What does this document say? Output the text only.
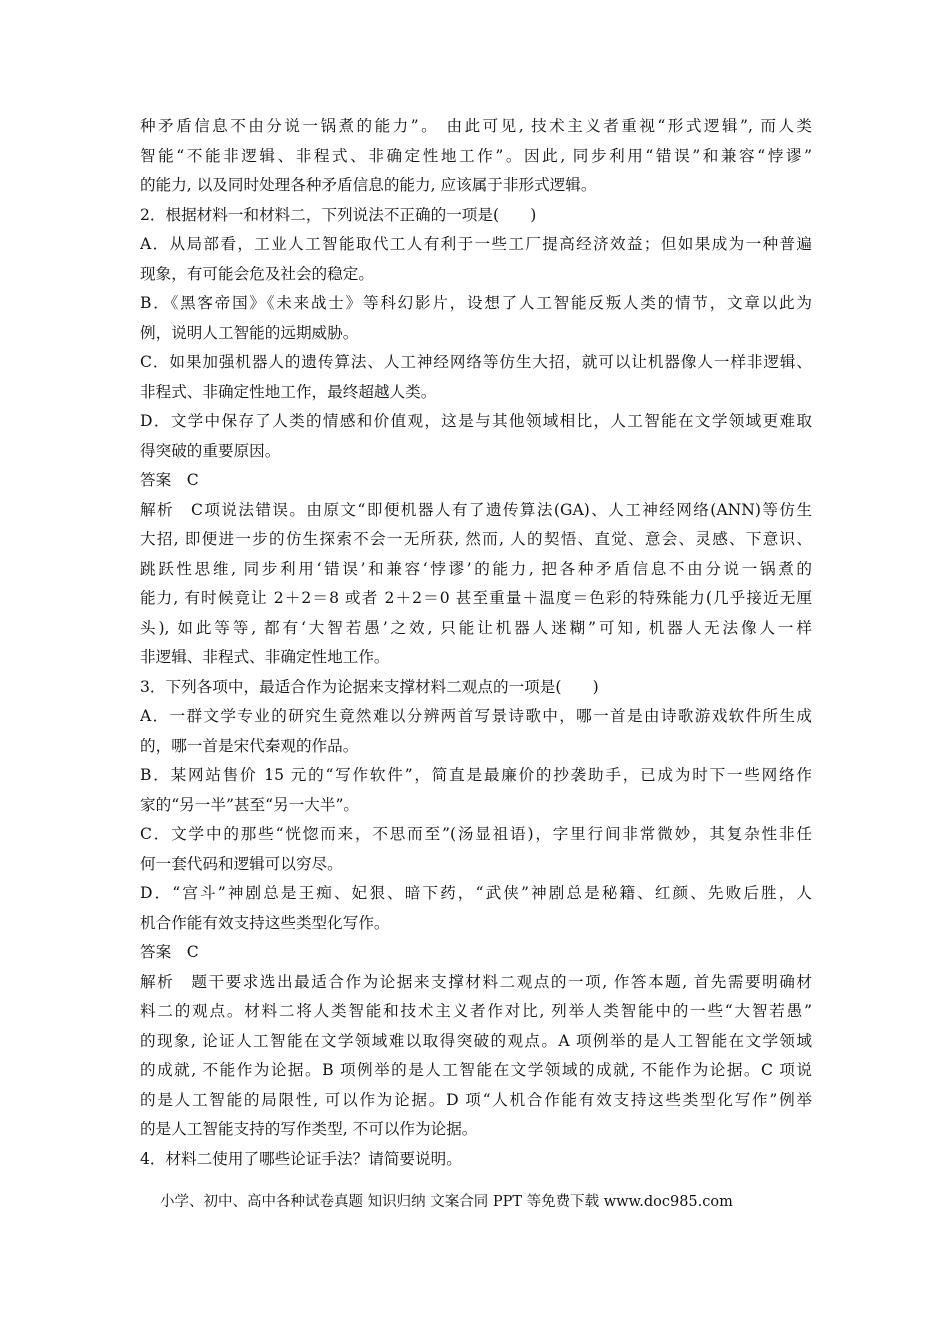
种矛盾信息不由分说一锅煮的能力”。 由此可见, 技术主义者重视“形式逻辑”, 而人类
智能“不能非逻辑、非程式、非确定性地工作”。因此, 同步利用“错误”和兼容“悖谬”
的能力, 以及同时处理各种矛盾信息的能力, 应该属于非形式逻辑。
2．根据材料一和材料二，下列说法不正确的一项是(　　)
A．从局部看，工业人工智能取代工人有利于一些工厂提高经济效益；但如果成为一种普遍
现象，有可能会危及社会的稳定。
B．《黑客帝国》《未来战士》等科幻影片，设想了人工智能反叛人类的情节，文章以此为
例，说明人工智能的远期威胁。
C．如果加强机器人的遗传算法、人工神经网络等仿生大招，就可以让机器像人一样非逻辑、
非程式、非确定性地工作，最终超越人类。
D．文学中保存了人类的情感和价值观，这是与其他领域相比，人工智能在文学领域更难取
得突破的重要原因。
答案　C
解析　C项说法错误。由原文“即便机器人有了遗传算法(GA)、人工神经网络(ANN)等仿生
大招, 即便进一步的仿生探索不会一无所获, 然而, 人的契悟、直觉、意会、灵感、下意识、
跳跃性思维, 同步利用‘错误’和兼容‘悖谬’的能力, 把各种矛盾信息不由分说一锅煮的
能力, 有时候竟让 2＋2＝8 或者 2＋2＝0 甚至重量＋温度＝色彩的特殊能力(几乎接近无厘
头), 如此等等, 都有‘大智若愚’之效, 只能让机器人迷糊”可知, 机器人无法像人一样
非逻辑、非程式、非确定性地工作。
3．下列各项中，最适合作为论据来支撑材料二观点的一项是(　　)
A．一群文学专业的研究生竟然难以分辨两首写景诗歌中，哪一首是由诗歌游戏软件所生成
的，哪一首是宋代秦观的作品。
B．某网站售价 15 元的“写作软件”，简直是最廉价的抄袭助手，已成为时下一些网络作
家的“另一半”甚至“另一大半”。
C．文学中的那些“恍惚而来，不思而至”(汤显祖语)，字里行间非常微妙，其复杂性非任
何一套代码和逻辑可以穷尽。
D．“宫斗”神剧总是王痴、妃狠、暗下药，“武侠”神剧总是秘籍、红颜、先败后胜，人
机合作能有效支持这些类型化写作。
答案　C
解析　题干要求选出最适合作为论据来支撑材料二观点的一项, 作答本题, 首先需要明确材
料二的观点。材料二将人类智能和技术主义者作对比, 列举人类智能中的一些“大智若愚”
的现象, 论证人工智能在文学领域难以取得突破的观点。A 项例举的是人工智能在文学领域
的成就, 不能作为论据。B 项例举的是人工智能在文学领域的成就, 不能作为论据。C 项说
的是人工智能的局限性, 可以作为论据。D 项“人机合作能有效支持这些类型化写作”例举
的是人工智能支持的写作类型, 不可以作为论据。
4．材料二使用了哪些论证手法？请简要说明。
小学、初中、高中各种试卷真题 知识归纳 文案合同 PPT 等免费下载 www.doc985.com
